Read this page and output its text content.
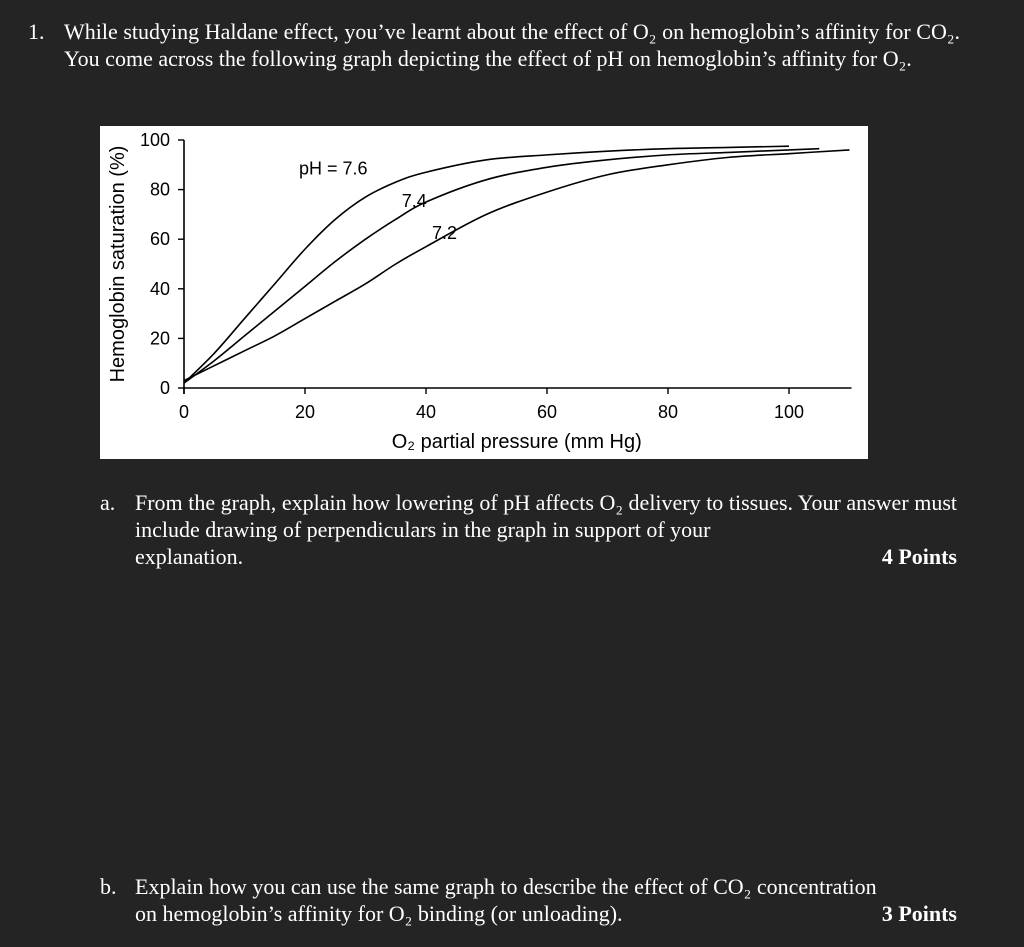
1. While studying Haldane effect, you’ve learnt about the effect of O₂ on hemoglobin’s affinity for CO₂. You come across the following graph depicting the effect of pH on hemoglobin’s affinity for O₂.
0
20
40
60
80
100
0	20	40	60	80	100
O₂ partial pressure (mm Hg)
Hemoglobin saturation (%)	pH = 7.6
7.4
7.2
a. From the graph, explain how lowering of pH affects O₂ delivery to tissues. Your answer must include drawing of perpendiculars in the graph in support of your
explanation.	4 Points
b. Explain how you can use the same graph to describe the effect of CO₂ concentration
on hemoglobin’s affinity for O₂ binding (or unloading).	3 Points
